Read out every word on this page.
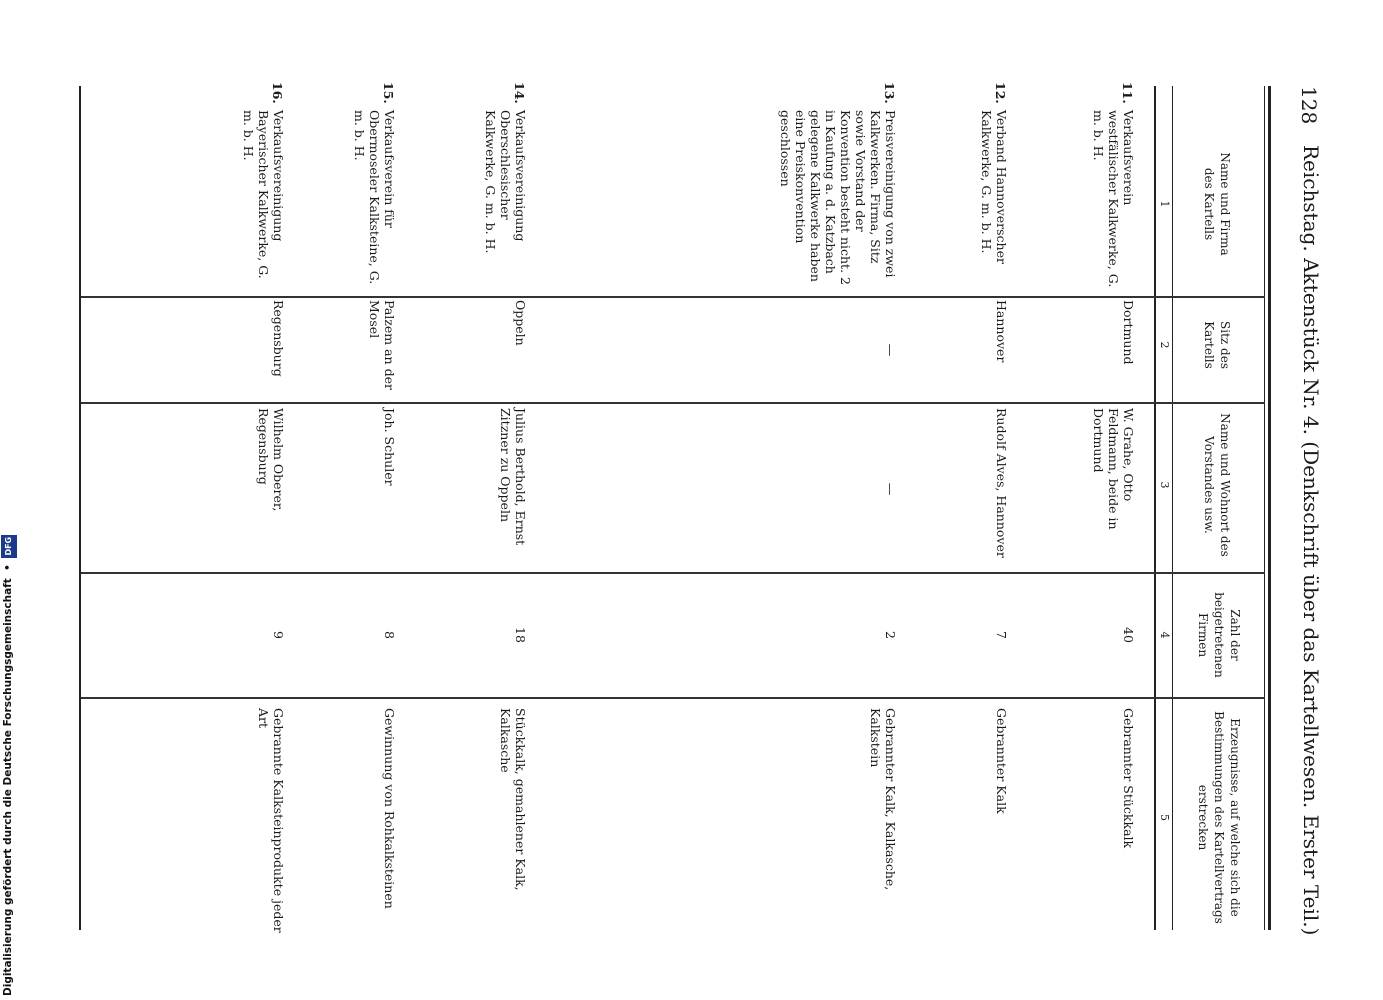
128
Reichstag. Aktenstück Nr. 4. (Denkschrift über das Kartellwesen. Erster Teil.)
Name und Firma des Kartells
Sitz des Kartells
Name und Wohnort des Vorstandes usw.
Zahl der beigetretenen Firmen
Erzeugnisse, auf welche sich die Bestimmungen des Kartellvertrags erstrecken
1
2
3
4
5
11.
Verkaufsverein westfälischer Kalkwerke, G. m. b. H.
Dortmund
W. Grahe, Otto Feldmann, beide in Dortmund
40
Gebrannter Stückkalk
12.
Verband Hannoverscher Kalkwerke, G. m. b. H.
Hannover
Rudolf Alves, Hannover
7
Gebrannter Kalk
13.
Preisvereinigung von zwei Kalkwerken. Firma, Sitz sowie Vorstand der Konvention besteht nicht. 2 in Kaufung a. d. Katzbach gelegene Kalkwerke haben eine Preiskonvention geschlossen
—
—
2
Gebrannter Kalk, Kalkasche, Kalkstein
14.
Verkaufsvereinigung Oberschlesischer Kalkwerke, G. m. b. H.
Oppeln
Julius Berthold, Ernst Zitzner zu Oppeln
18
Stückkalk, gemahlener Kalk, Kalkasche
15.
Verkaufsverein für Obermoseler Kalksteine, G. m. b. H.
Palzem an der Mosel
Joh. Schuler
8
Gewinnung von Rohkalksteinen
16.
Verkaufsvereinigung Bayerischer Kalkwerke, G. m. b. H.
Regensburg
Wilhelm Oberer, Regensburg
9
Gebrannte Kalksteinprodukte jeder Art
Digitalisierung gefördert durch die Deutsche Forschungsgemeinschaft  • DFG
